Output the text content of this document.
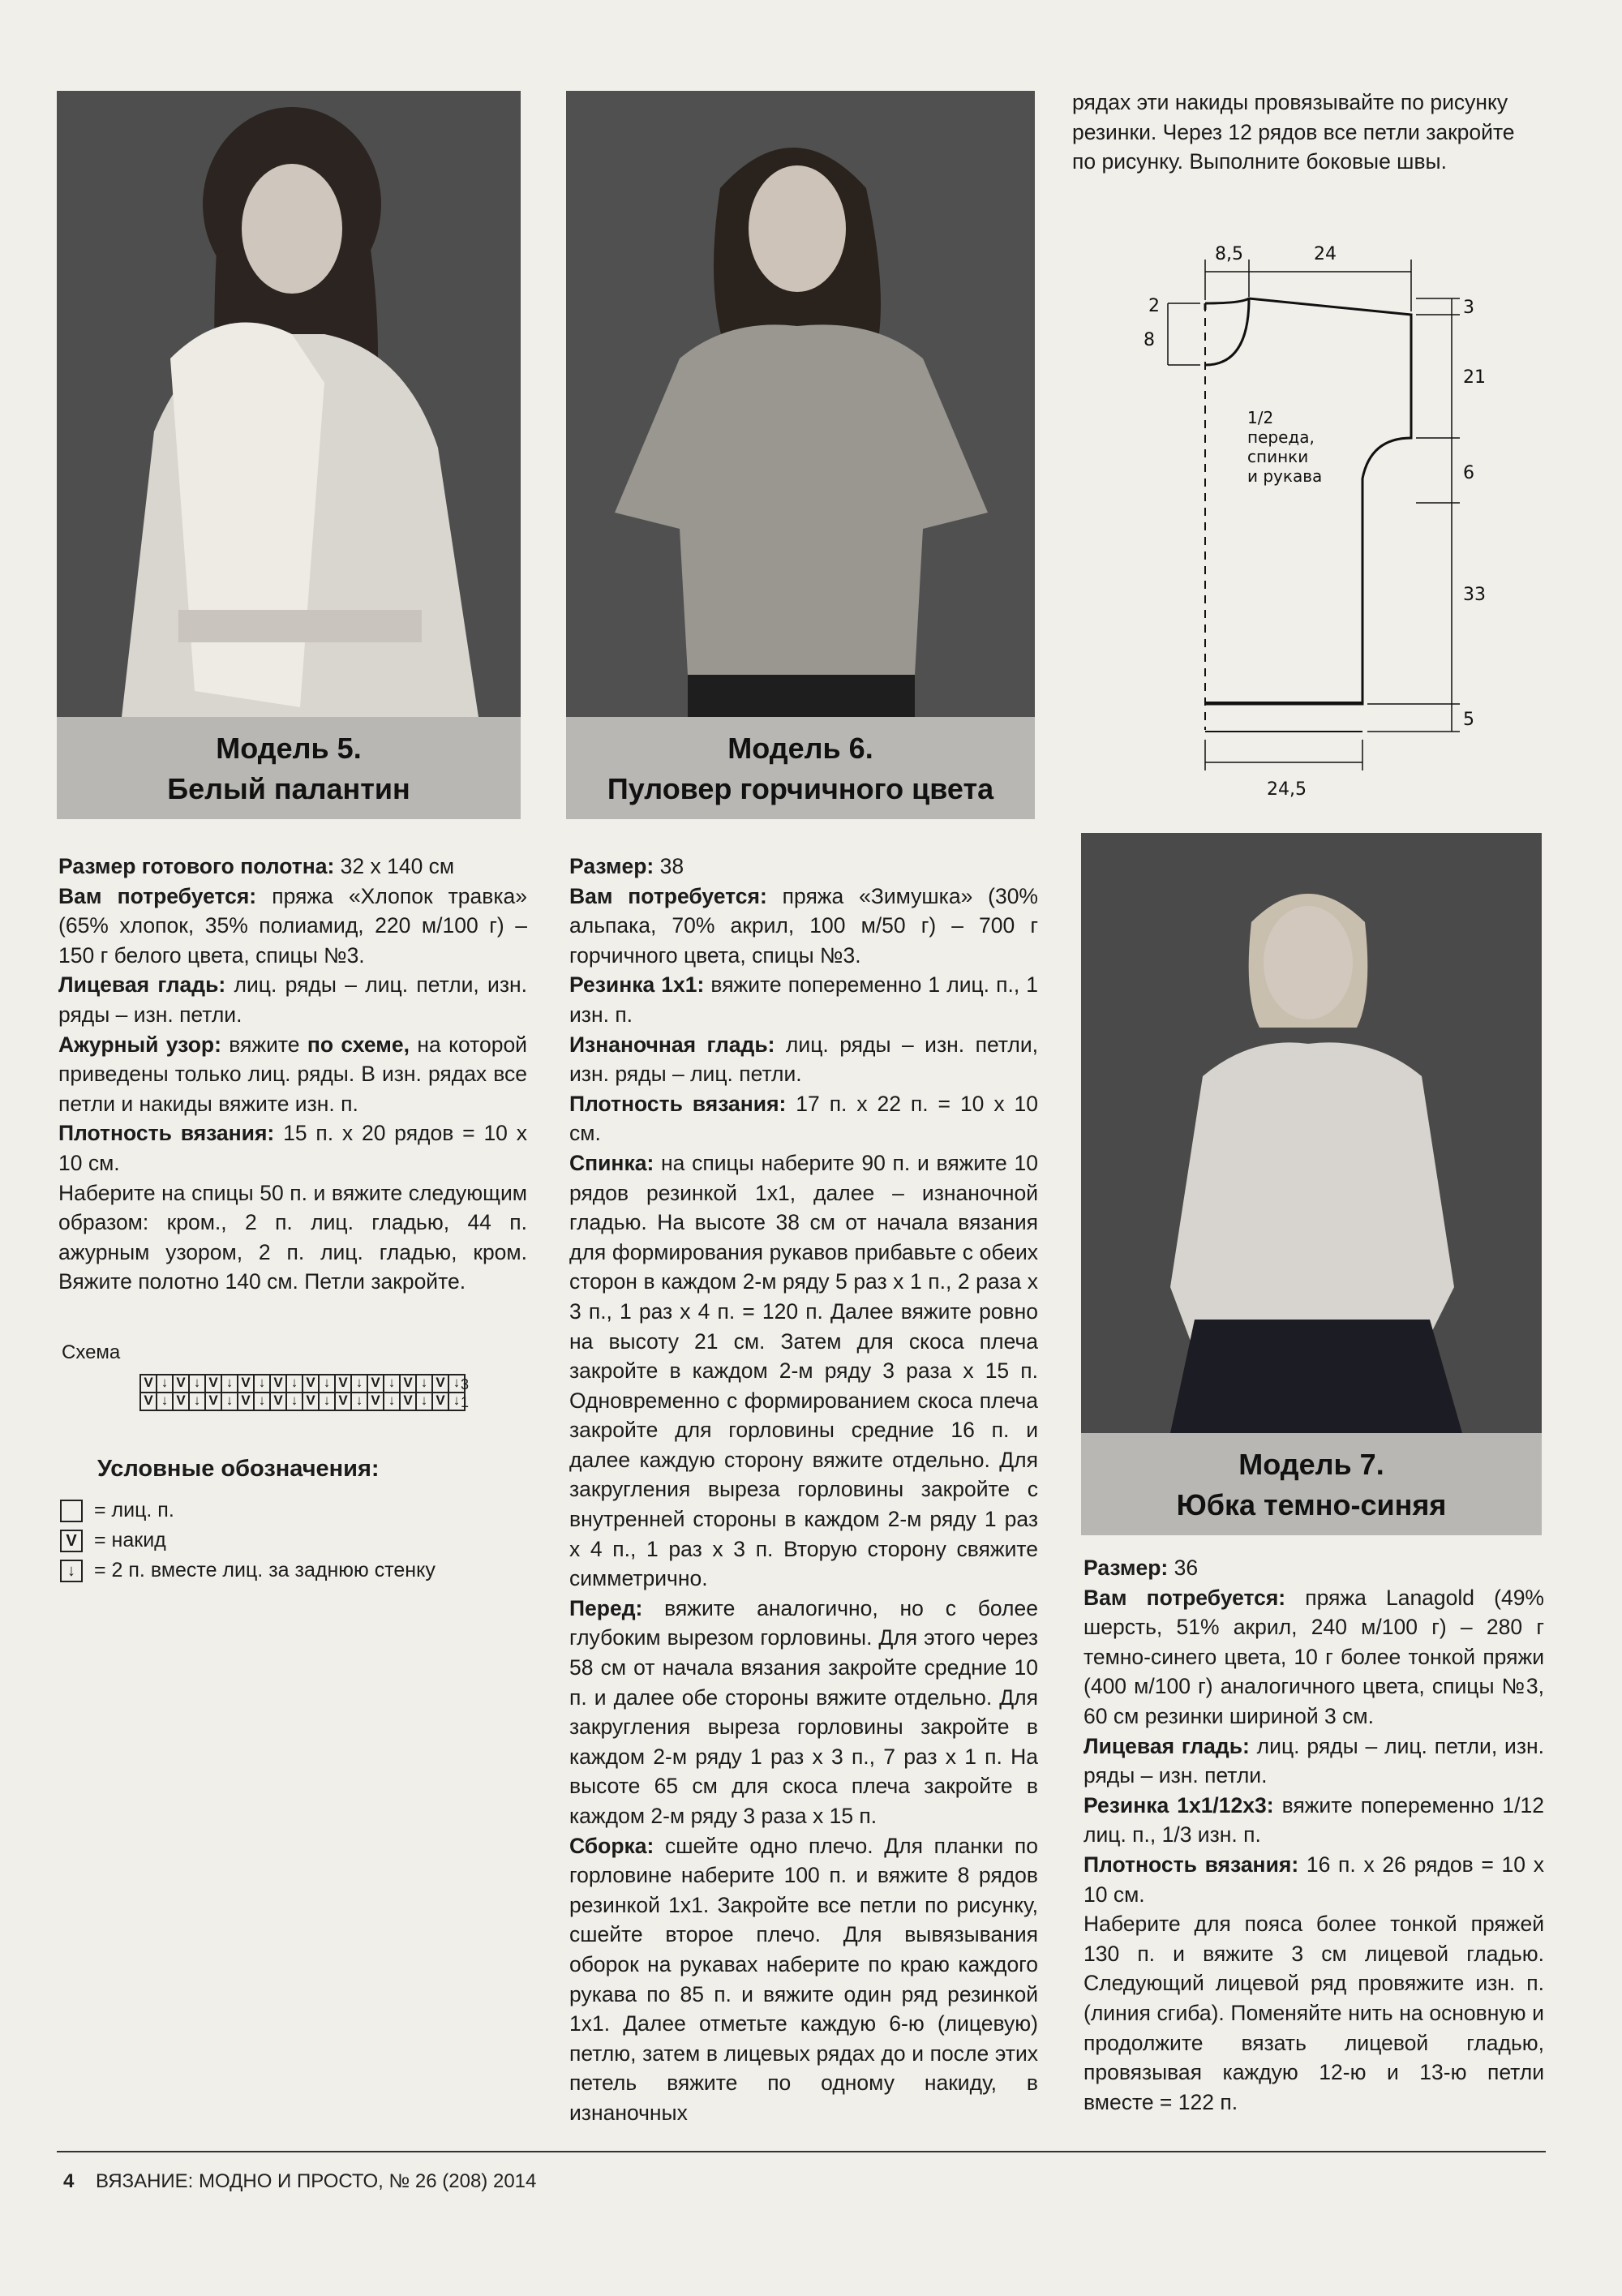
Модель 5.
Белый палантин
Модель 6.
Пуловер горчичного цвета
Модель 7.
Юбка темно-синяя

Размер готового полотна: 32 х 140 см

Вам потребуется: пряжа «Хлопок травка» (65% хлопок, 35% полиамид, 220 м/100 г) – 150 г белого цвета, спицы №3.

Лицевая гладь: лиц. ряды – лиц. петли, изн. ряды – изн. петли.

Ажурный узор: вяжите по схеме, на которой приведены только лиц. ряды. В изн. рядах все петли и накиды вяжите изн. п.

Плотность вязания: 15 п. х 20 рядов = 10 х 10 см.

Наберите на спицы 50 п. и вяжите следующим образом: кром., 2 п. лиц. гладью, 44 п. ажурным узором, 2 п. лиц. гладью, кром. Вяжите полотно 140 см. Петли закройте.

Схема
V ↓ V ↓ V ↓ V ↓ V ↓ V ↓ V ↓ V ↓ V ↓ V ↓
V ↓ V ↓ V ↓ V ↓ V ↓ V ↓ V ↓ V ↓ V ↓ V ↓
3
1
Условные обозначения:
= лиц. п.
V = накид
↓ = 2 п. вместе лиц. за заднюю стенку

Размер: 38

Вам потребуется: пряжа «Зимушка» (30% альпака, 70% акрил, 100 м/50 г) – 700 г горчичного цвета, спицы №3.

Резинка 1х1: вяжите попеременно 1 лиц. п., 1 изн. п.

Изнаночная гладь: лиц. ряды – изн. петли, изн. ряды – лиц. петли.

Плотность вязания: 17 п. х 22 п. = 10 х 10 см.

Спинка: на спицы наберите 90 п. и вяжите 10 рядов резинкой 1х1, далее – изнаночной гладью. На высоте 38 см от начала вязания для формирования рукавов прибавьте с обеих сторон в каждом 2-м ряду 5 раз х 1 п., 2 раза х 3 п., 1 раз х 4 п. = 120 п. Далее вяжите ровно на высоту 21 см. Затем для скоса плеча закройте в каждом 2-м ряду 3 раза х 15 п. Одновременно с формированием скоса плеча закройте для горловины средние 16 п. и далее каждую сторону вяжите отдельно. Для закругления выреза горловины закройте с внутренней стороны в каждом 2-м ряду 1 раз х 4 п., 1 раз х 3 п. Вторую сторону свяжите симметрично.

Перед: вяжите аналогично, но с более глубоким вырезом горловины. Для этого через 58 см от начала вязания закройте средние 10 п. и далее обе стороны вяжите отдельно. Для закругления выреза горловины закройте в каждом 2-м ряду 1 раз х 3 п., 7 раз х 1 п. На высоте 65 см для скоса плеча закройте в каждом 2-м ряду 3 раза х 15 п.

Сборка: сшейте одно плечо. Для планки по горловине наберите 100 п. и вяжите 8 рядов резинкой 1х1. Закройте все петли по рисунку, сшейте второе плечо. Для вывязывания оборок на рукавах наберите по краю каждого рукава по 85 п. и вяжите один ряд резинкой 1х1. Далее отметьте каждую 6-ю (лицевую) петлю, затем в лицевых рядах до и после этих петель вяжите по одному накиду, в изнаночных

рядах эти накиды провязывайте по рисунку резинки. Через 12 рядов все петли закройте по рисунку. Выполните боковые швы.
8,5	24
2
8
3
21
6
33
5
24,5
1/2
переда,
спинки
и рукава

Размер: 36

Вам потребуется: пряжа Lanagold (49% шерсть, 51% акрил, 240 м/100 г) – 280 г темно-синего цвета, 10 г более тонкой пряжи (400 м/100 г) аналогичного цвета, спицы №3, 60 см резинки шириной 3 см.

Лицевая гладь: лиц. ряды – лиц. петли, изн. ряды – изн. петли.

Резинка 1х1/12х3: вяжите попеременно 1/12 лиц. п., 1/3 изн. п.

Плотность вязания: 16 п. х 26 рядов = 10 х 10 см.

Наберите для пояса более тонкой пряжей 130 п. и вяжите 3 см лицевой гладью. Следующий лицевой ряд провяжите изн. п. (линия сгиба). Поменяйте нить на основную и продолжите вязать лицевой гладью, провязывая каждую 12-ю и 13-ю петли вместе = 122 п.

4 ВЯЗАНИЕ: МОДНО И ПРОСТО, № 26 (208) 2014
